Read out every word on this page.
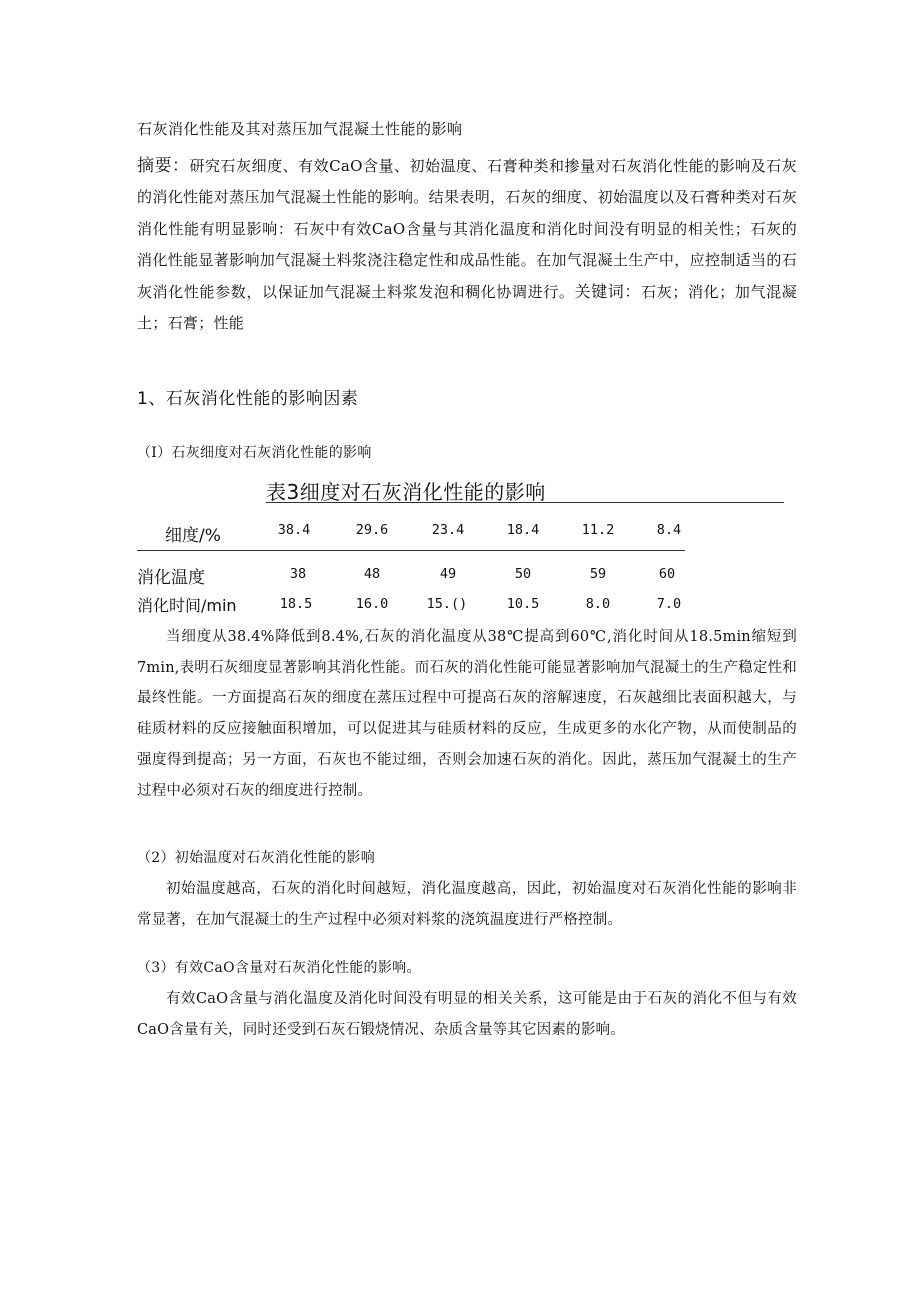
石灰消化性能及其对蒸压加气混凝土性能的影响
摘要：研究石灰细度、有效CaO含量、初始温度、石膏种类和掺量对石灰消化性能的影响及石灰的消化性能对蒸压加气混凝土性能的影响。结果表明，石灰的细度、初始温度以及石膏种类对石灰消化性能有明显影响：石灰中有效CaO含量与其消化温度和消化时间没有明显的相关性；石灰的消化性能显著影响加气混凝土料浆浇注稳定性和成品性能。在加气混凝土生产中，应控制适当的石灰消化性能参数，以保证加气混凝土料浆发泡和稠化协调进行。关键词：石灰；消化；加气混凝土；石膏；性能
1、石灰消化性能的影响因素
（I）石灰细度对石灰消化性能的影响
表3细度对石灰消化性能的影响
细度/%	38.4	29.6	23.4	18.4	11.2	8.4
消化温度	38	48	49	50	59	60
消化时间/min	18.5	16.0	15.()	10.5	8.0	7.0
当细度从38.4%降低到8.4%,石灰的消化温度从38℃提高到60℃,消化时间从18.5min缩短到7min,表明石灰细度显著影响其消化性能。而石灰的消化性能可能显著影响加气混凝土的生产稳定性和最终性能。一方面提高石灰的细度在蒸压过程中可提高石灰的溶解速度，石灰越细比表面积越大，与硅质材料的反应接触面积增加，可以促进其与硅质材料的反应，生成更多的水化产物，从而使制品的强度得到提高；另一方面，石灰也不能过细，否则会加速石灰的消化。因此，蒸压加气混凝土的生产过程中必须对石灰的细度进行控制。
（2）初始温度对石灰消化性能的影响
初始温度越高，石灰的消化时间越短，消化温度越高，因此，初始温度对石灰消化性能的影响非常显著，在加气混凝土的生产过程中必须对料浆的浇筑温度进行严格控制。
（3）有效CaO含量对石灰消化性能的影响。
有效CaO含量与消化温度及消化时间没有明显的相关关系，这可能是由于石灰的消化不但与有效CaO含量有关，同时还受到石灰石锻烧情况、杂质含量等其它因素的影响。
